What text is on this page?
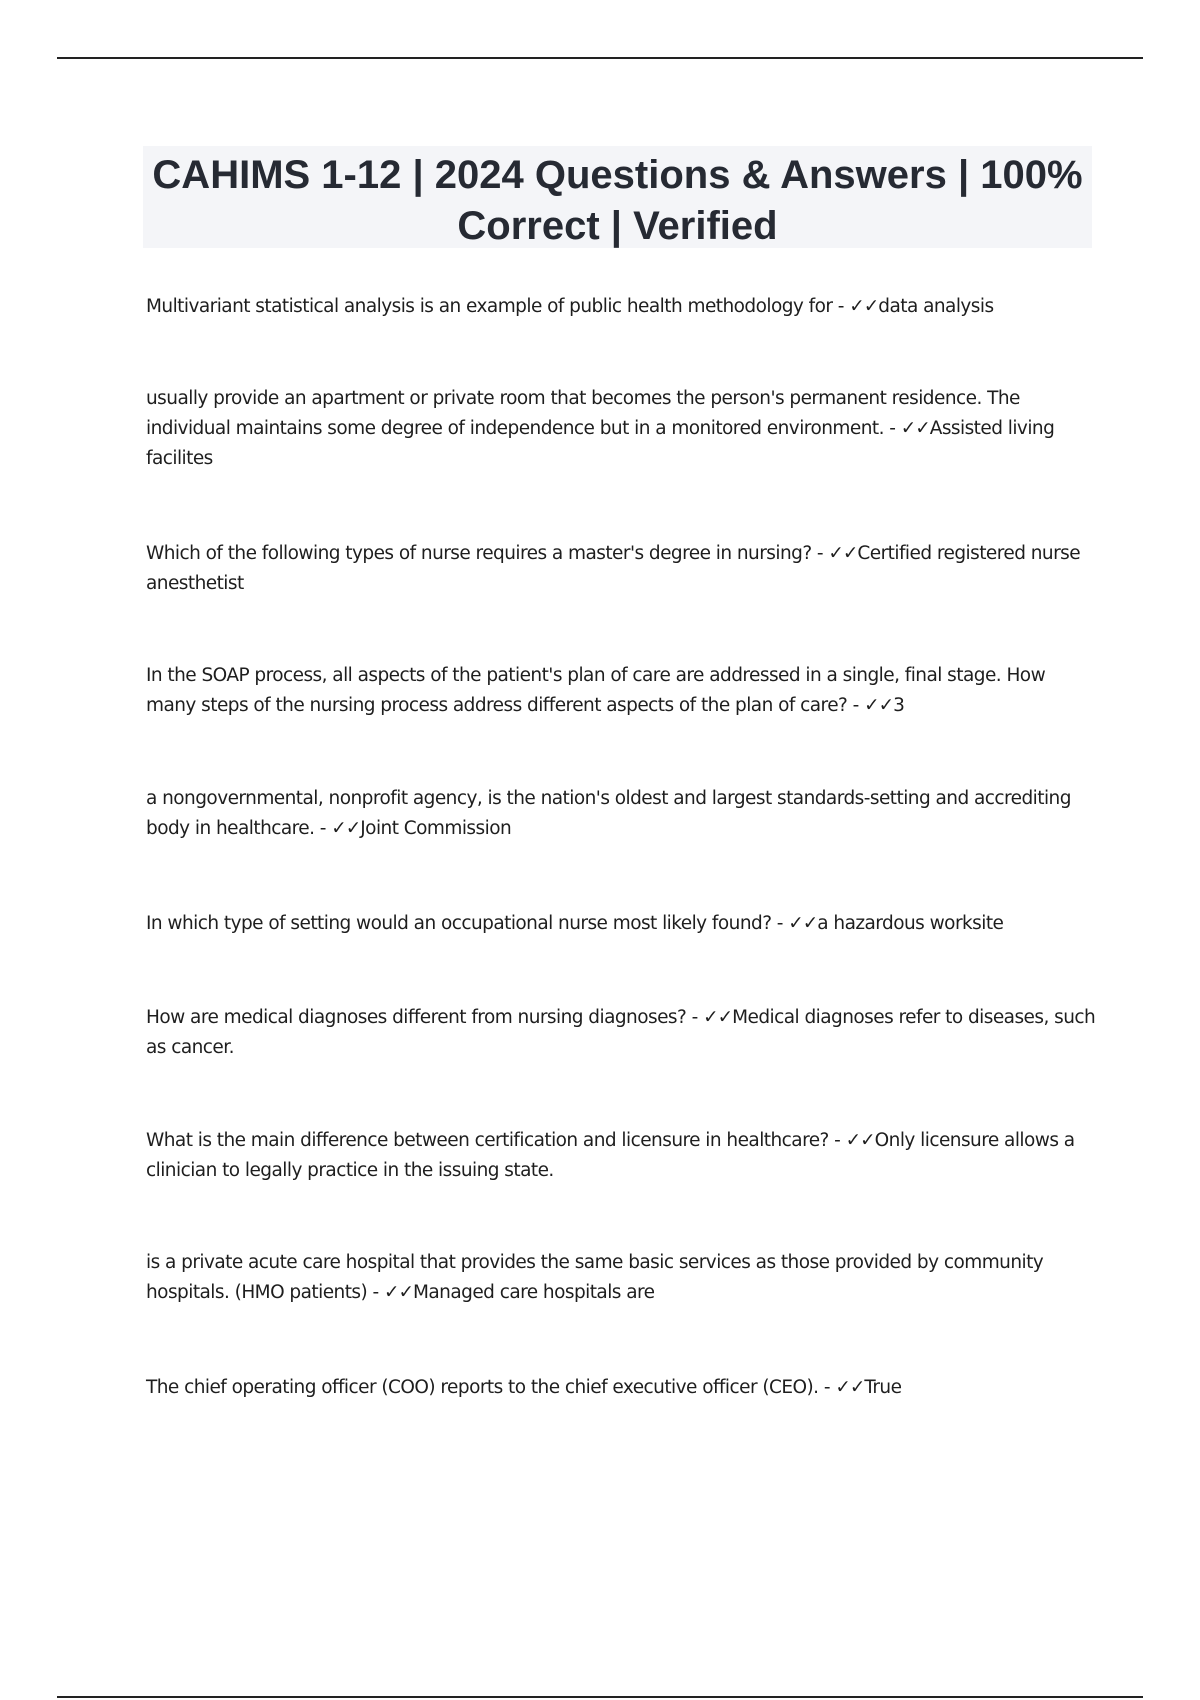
CAHIMS 1-12 | 2024 Questions & Answers | 100% Correct | Verified
Multivariant statistical analysis is an example of public health methodology for - ✓✓data analysis
usually provide an apartment or private room that becomes the person's permanent residence. The individual maintains some degree of independence but in a monitored environment. - ✓✓Assisted living facilites
Which of the following types of nurse requires a master's degree in nursing? - ✓✓Certified registered nurse anesthetist
In the SOAP process, all aspects of the patient's plan of care are addressed in a single, final stage. How many steps of the nursing process address different aspects of the plan of care? - ✓✓3
a nongovernmental, nonprofit agency, is the nation's oldest and largest standards-setting and accrediting body in healthcare. - ✓✓Joint Commission
In which type of setting would an occupational nurse most likely found? - ✓✓a hazardous worksite
How are medical diagnoses different from nursing diagnoses? - ✓✓Medical diagnoses refer to diseases, such as cancer.
What is the main difference between certification and licensure in healthcare? - ✓✓Only licensure allows a clinician to legally practice in the issuing state.
is a private acute care hospital that provides the same basic services as those provided by community hospitals. (HMO patients) - ✓✓Managed care hospitals are
The chief operating officer (COO) reports to the chief executive officer (CEO). - ✓✓True
